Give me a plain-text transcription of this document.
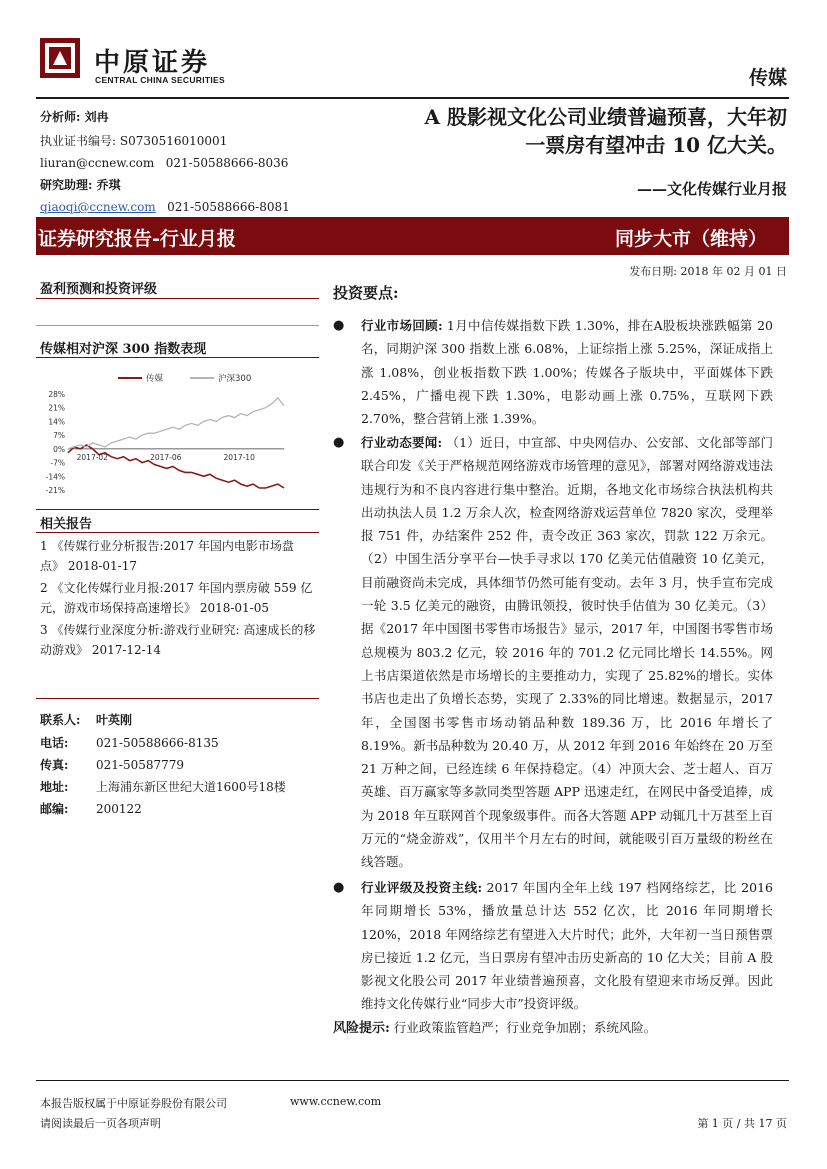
中原证券
CENTRAL CHINA SECURITIES	传媒
分析师: 刘冉
执业证书编号: S0730516010001
liuran@ccnew.com 021-50588666-8036
研究助理: 乔琪
qiaoqi@ccnew.com 021-50588666-8081
A 股影视文化公司业绩普遍预喜，大年初
一票房有望冲击 10 亿大关。
——文化传媒行业月报
证券研究报告-行业月报	同步大市（维持）
发布日期: 2018 年 02 月 01 日
盈利预测和投资评级
传媒相对沪深 300 指数表现
28%
21%
14%
7%
0%
-7%
-14%
-21%
2017-02	2017-06	2017-10
传媒	沪深300
相关报告

1 《传媒行业分析报告:2017 年国内电影市场盘点》 2018-01-17

2 《文化传媒行业月报:2017 年国内票房破 559 亿元，游戏市场保持高速增长》 2018-01-05

3 《传媒行业深度分析:游戏行业研究: 高速成长的移动游戏》 2017-12-14

联系人: 叶英刚
电话: 021-50588666-8135
传真: 021-50587779
地址: 上海浦东新区世纪大道1600号18楼
邮编: 200122
投资要点:
● 行业市场回顾: 1月中信传媒指数下跌 1.30%，排在A股板块涨跌幅第 20 名，同期沪深 300 指数上涨 6.08%，上证综指上涨 5.25%，深证成指上涨 1.08%，创业板指数下跌 1.00%；传媒各子版块中，平面媒体下跌 2.45%，广播电视下跌 1.30%，电影动画上涨 0.75%，互联网下跌 2.70%，整合营销上涨 1.39%。
● 行业动态要闻: （1）近日，中宣部、中央网信办、公安部、文化部等部门联合印发《关于严格规范网络游戏市场管理的意见》，部署对网络游戏违法违规行为和不良内容进行集中整治。近期，各地文化市场综合执法机构共出动执法人员 1.2 万余人次，检查网络游戏运营单位 7820 家次，受理举报 751 件，办结案件 252 件，责令改正 363 家次，罚款 122 万余元。（2）中国生活分享平台—快手寻求以 170 亿美元估值融资 10 亿美元，目前融资尚未完成，具体细节仍然可能有变动。去年 3 月，快手宣布完成一轮 3.5 亿美元的融资，由腾讯领投，彼时快手估值为 30 亿美元。（3）据《2017 年中国图书零售市场报告》显示，2017 年，中国图书零售市场总规模为 803.2 亿元，较 2016 年的 701.2 亿元同比增长 14.55%。网上书店渠道依然是市场增长的主要推动力，实现了 25.82%的增长。实体书店也走出了负增长态势，实现了 2.33%的同比增速。数据显示，2017 年，全国图书零售市场动销品种数 189.36 万，比 2016 年增长了 8.19%。新书品种数为 20.40 万，从 2012 年到 2016 年始终在 20 万至 21 万种之间，已经连续 6 年保持稳定。（4）冲顶大会、芝士超人、百万英雄、百万赢家等多款同类型答题 APP 迅速走红，在网民中备受追捧，成为 2018 年互联网首个现象级事件。而各大答题 APP 动辄几十万甚至上百万元的“烧金游戏”，仅用半个月左右的时间，就能吸引百万量级的粉丝在线答题。
● 行业评级及投资主线: 2017 年国内全年上线 197 档网络综艺，比 2016 年同期增长 53%，播放量总计达 552 亿次，比 2016 年同期增长 120%，2018 年网络综艺有望进入大片时代；此外，大年初一当日预售票房已接近 1.2 亿元，当日票房有望冲击历史新高的 10 亿大关；目前 A 股影视文化股公司 2017 年业绩普遍预喜，文化股有望迎来市场反弹。因此维持文化传媒行业“同步大市”投资评级。
风险提示: 行业政策监管趋严；行业竞争加剧；系统风险。
本报告版权属于中原证券股份有限公司	www.ccnew.com
请阅读最后一页各项声明	第 1 页 / 共 17 页
